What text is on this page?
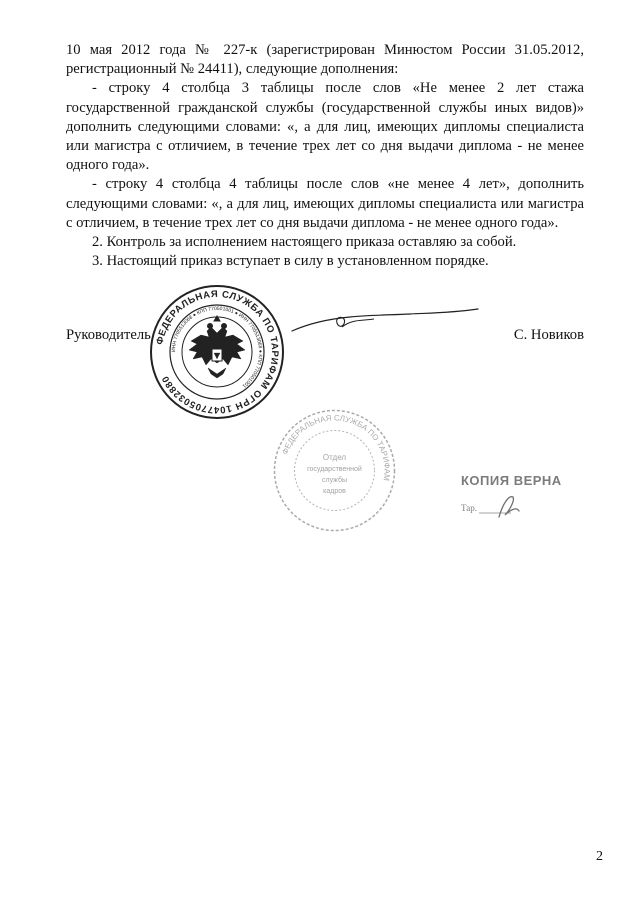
10 мая 2012 года № 227-к (зарегистрирован Минюстом России 31.05.2012, регистрационный № 24411), следующие дополнения:

- строку 4 столбца 3 таблицы после слов «Не менее 2 лет стажа государственной гражданской службы (государственной службы иных видов)» дополнить следующими словами: «, а для лиц, имеющих дипломы специалиста или магистра с отличием, в течение трех лет со дня выдачи диплома - не менее одного года».

- строку 4 столбца 4 таблицы после слов «не менее 4 лет», дополнить следующими словами: «, а для лиц, имеющих дипломы специалиста или магистра с отличием, в течение трех лет со дня выдачи диплома - не менее одного года».

2. Контроль за исполнением настоящего приказа оставляю за собой.

3. Настоящий приказ вступает в силу в установленном порядке.

ФЕДЕРАЛЬНАЯ СЛУЖБА ПО ТАРИФАМ ОГРН 1047705032880
ИНН 7705513068 ● КПП 770501001 ● ИНН 7705513068 ● КПП 770501001
Руководитель	С. Новиков
ФЕДЕРАЛЬНАЯ СЛУЖБА ПО ТАРИФАМ
Отдел
государственной
службы
кадров
КОПИЯ ВЕРНА
Тар.
2
